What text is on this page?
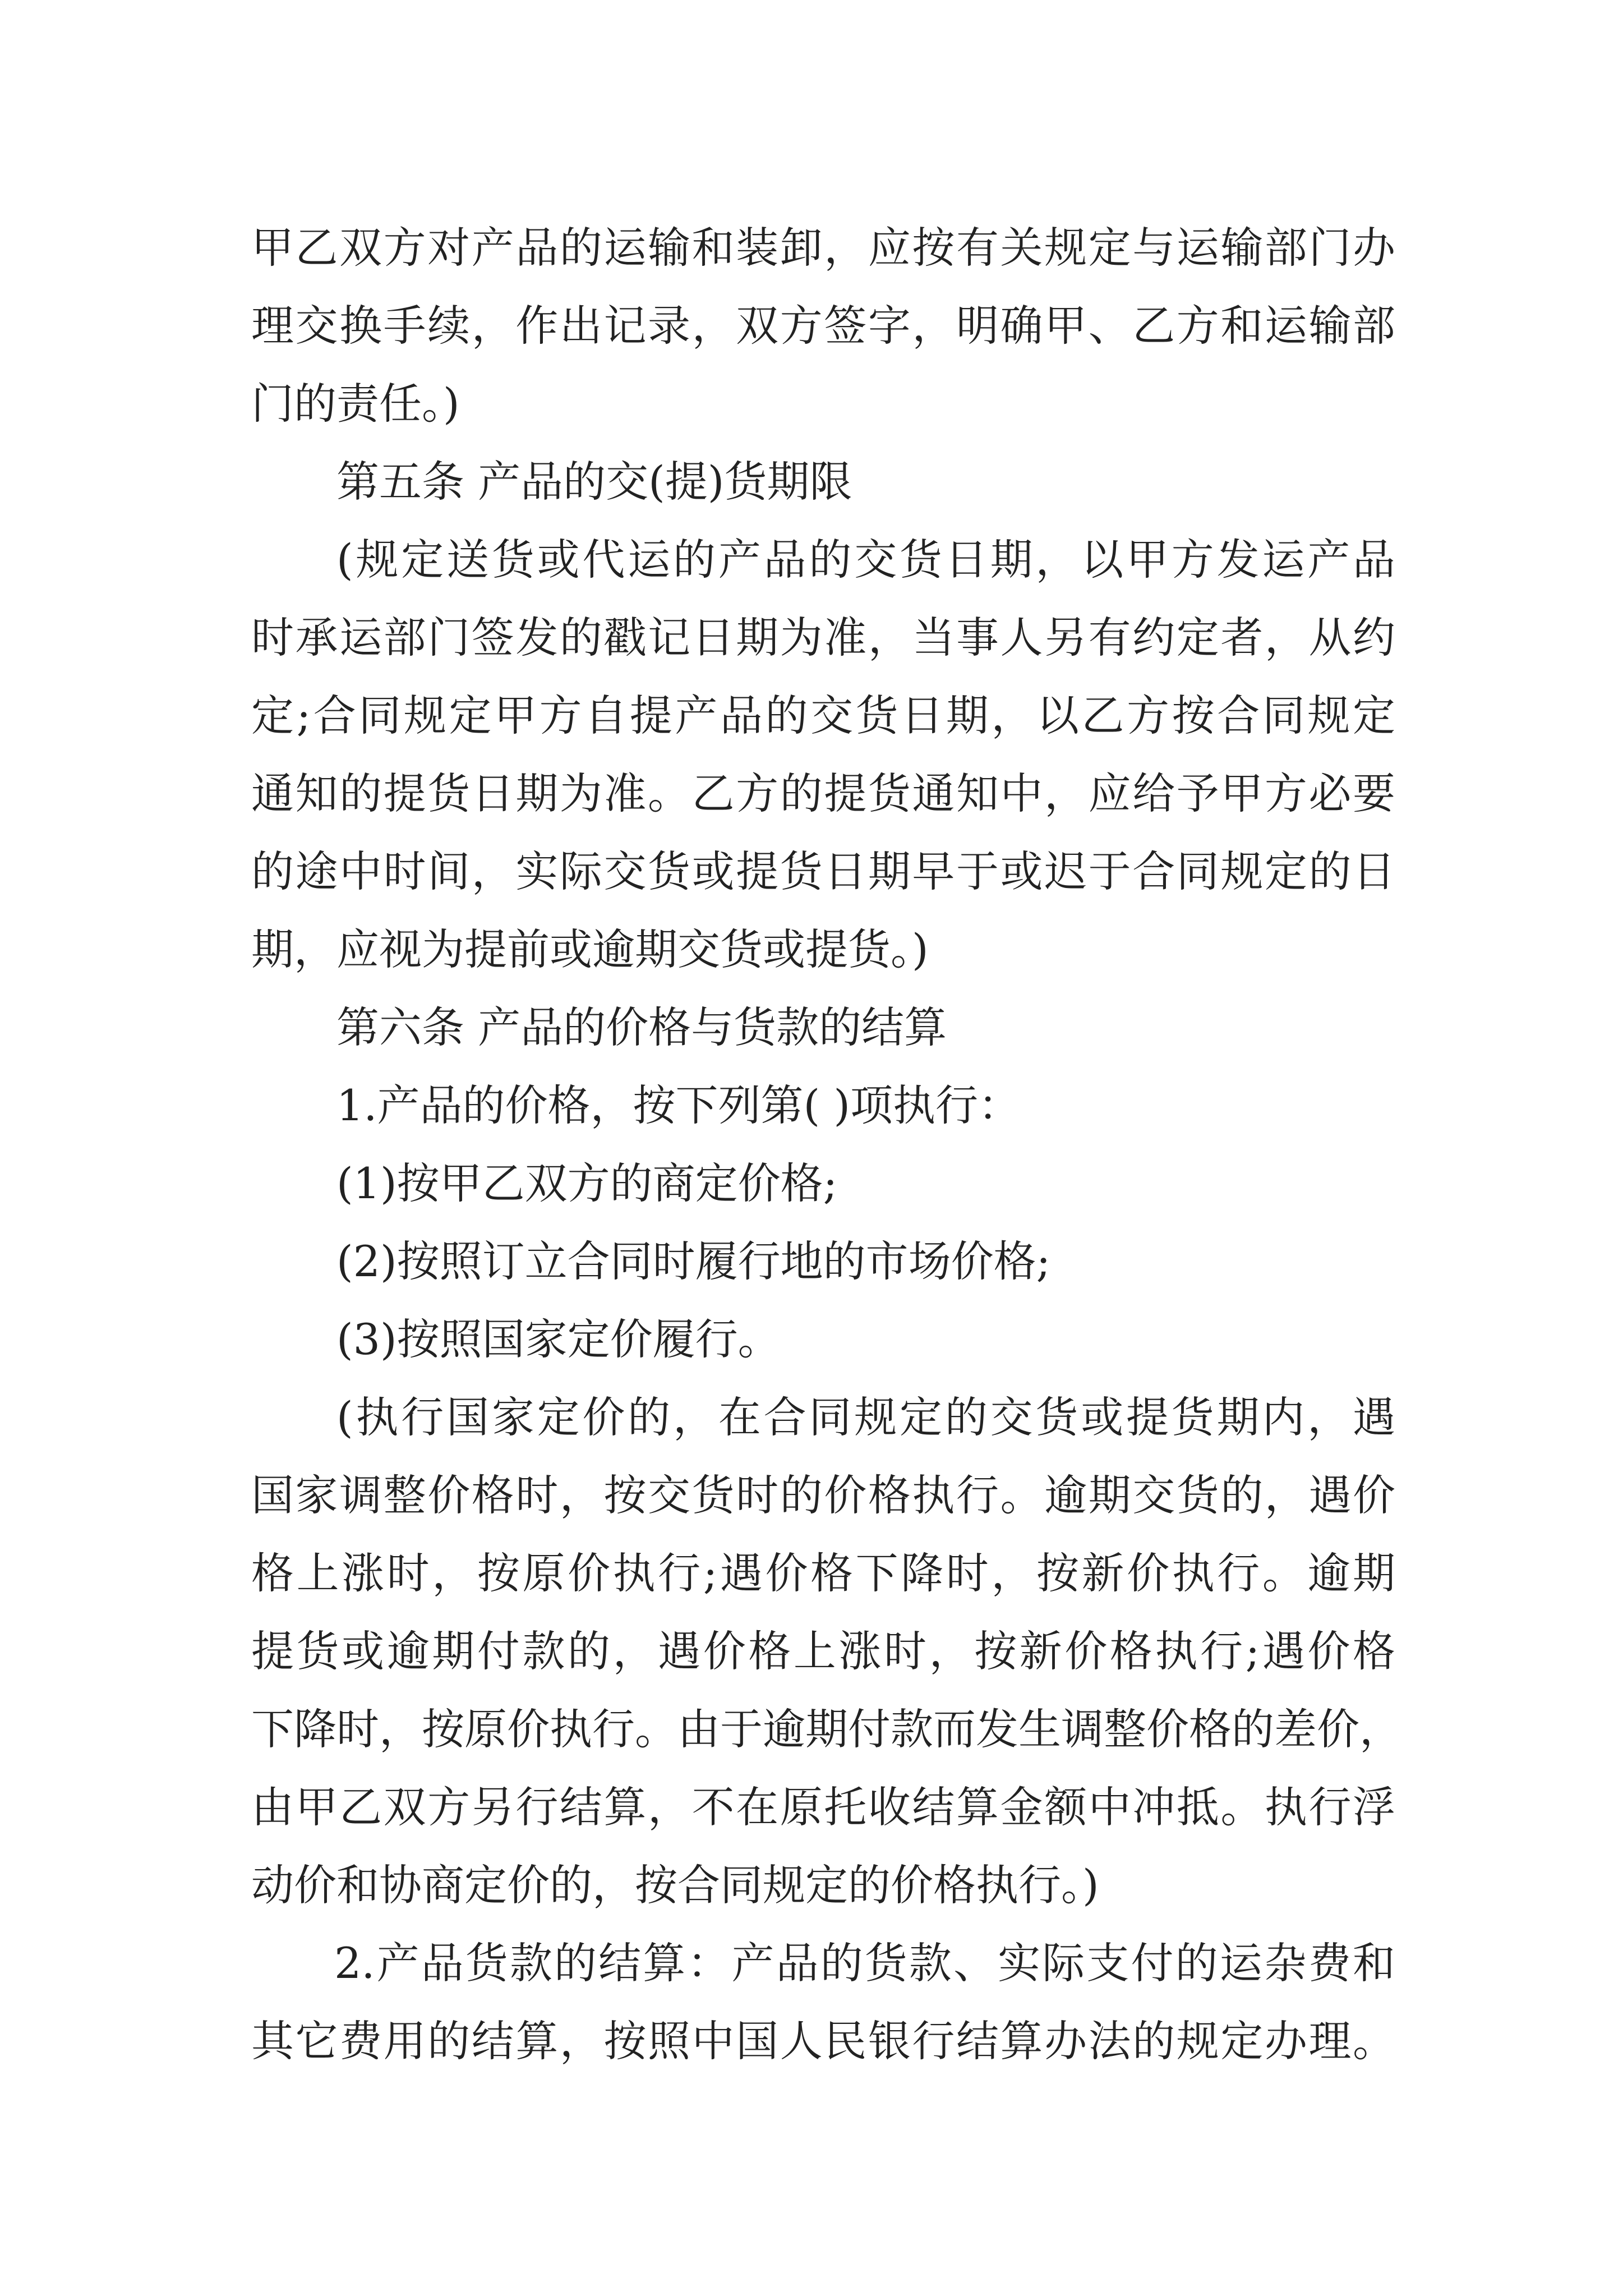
甲乙双方对产品的运输和装卸，应按有关规定与运输部门办
理交换手续，作出记录，双方签字，明确甲、乙方和运输部
门的责任。)
第五条 产品的交(提)货期限
(规定送货或代运的产品的交货日期，以甲方发运产品
时承运部门签发的戳记日期为准，当事人另有约定者，从约
定;合同规定甲方自提产品的交货日期，以乙方按合同规定
通知的提货日期为准。乙方的提货通知中，应给予甲方必要
的途中时间，实际交货或提货日期早于或迟于合同规定的日
期，应视为提前或逾期交货或提货。)
第六条 产品的价格与货款的结算
1.产品的价格，按下列第( )项执行：
(1)按甲乙双方的商定价格;
(2)按照订立合同时履行地的市场价格;
(3)按照国家定价履行。
(执行国家定价的，在合同规定的交货或提货期内，遇
国家调整价格时，按交货时的价格执行。逾期交货的，遇价
格上涨时，按原价执行;遇价格下降时，按新价执行。逾期
提货或逾期付款的，遇价格上涨时，按新价格执行;遇价格
下降时，按原价执行。由于逾期付款而发生调整价格的差价，
由甲乙双方另行结算，不在原托收结算金额中冲抵。执行浮
动价和协商定价的，按合同规定的价格执行。)
2.产品货款的结算：产品的货款、实际支付的运杂费和
其它费用的结算，按照中国人民银行结算办法的规定办理。
